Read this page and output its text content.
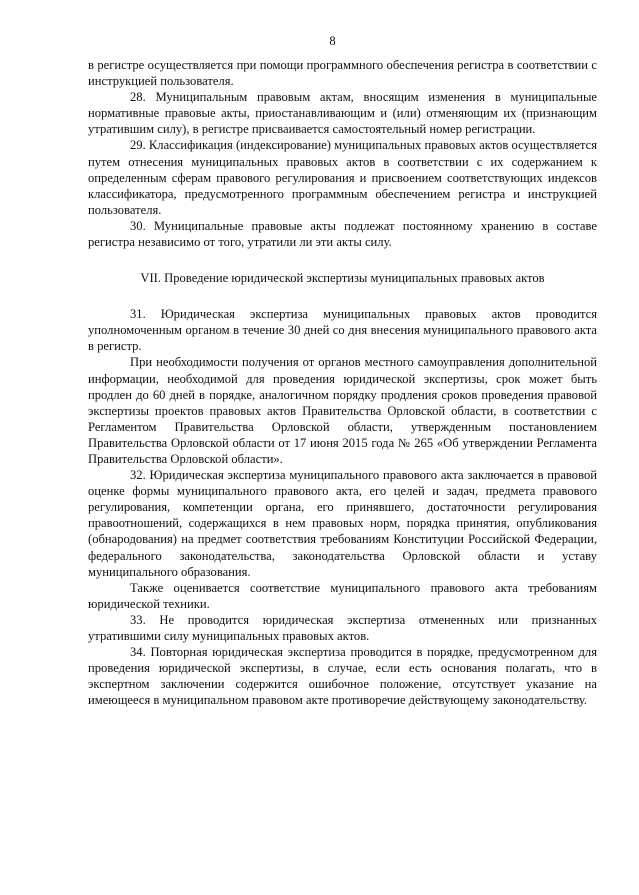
8

в регистре осуществляется при помощи программного обеспечения регистра в соответствии с инструкцией пользователя.

28. Муниципальным правовым актам, вносящим изменения в муниципальные нормативные правовые акты, приостанавливающим и (или) отменяющим их (признающим утратившим силу), в регистре присваивается самостоятельный номер регистрации.

29. Классификация (индексирование) муниципальных правовых актов осуществляется путем отнесения муниципальных правовых актов в соответствии с их содержанием к определенным сферам правового регулирования и присвоением соответствующих индексов классификатора, предусмотренного программным обеспечением регистра и инструкцией пользователя.

30. Муниципальные правовые акты подлежат постоянному хранению в составе регистра независимо от того, утратили ли эти акты силу.

VII. Проведение юридической экспертизы муниципальных правовых актов

31. Юридическая экспертиза муниципальных правовых актов проводится уполномоченным органом в течение 30 дней со дня внесения муниципального правового акта в регистр.

При необходимости получения от органов местного самоуправления дополнительной информации, необходимой для проведения юридической экспертизы, срок может быть продлен до 60 дней в порядке, аналогичном порядку продления сроков проведения правовой экспертизы проектов правовых актов Правительства Орловской области, в соответствии с Регламентом Правительства Орловской области, утвержденным постановлением Правительства Орловской области от 17 июня 2015 года № 265 «Об утверждении Регламента Правительства Орловской области».

32. Юридическая экспертиза муниципального правового акта заключается в правовой оценке формы муниципального правового акта, его целей и задач, предмета правового регулирования, компетенции органа, его принявшего, достаточности регулирования правоотношений, содержащихся в нем правовых норм, порядка принятия, опубликования (обнародования) на предмет соответствия требованиям Конституции Российской Федерации, федерального законодательства, законодательства Орловской области и уставу муниципального образования.

Также оценивается соответствие муниципального правового акта требованиям юридической техники.

33. Не проводится юридическая экспертиза отмененных или признанных утратившими силу муниципальных правовых актов.

34. Повторная юридическая экспертиза проводится в порядке, предусмотренном для проведения юридической экспертизы, в случае, если есть основания полагать, что в экспертном заключении содержится ошибочное положение, отсутствует указание на имеющееся в муниципальном правовом акте противоречие действующему законодательству.
